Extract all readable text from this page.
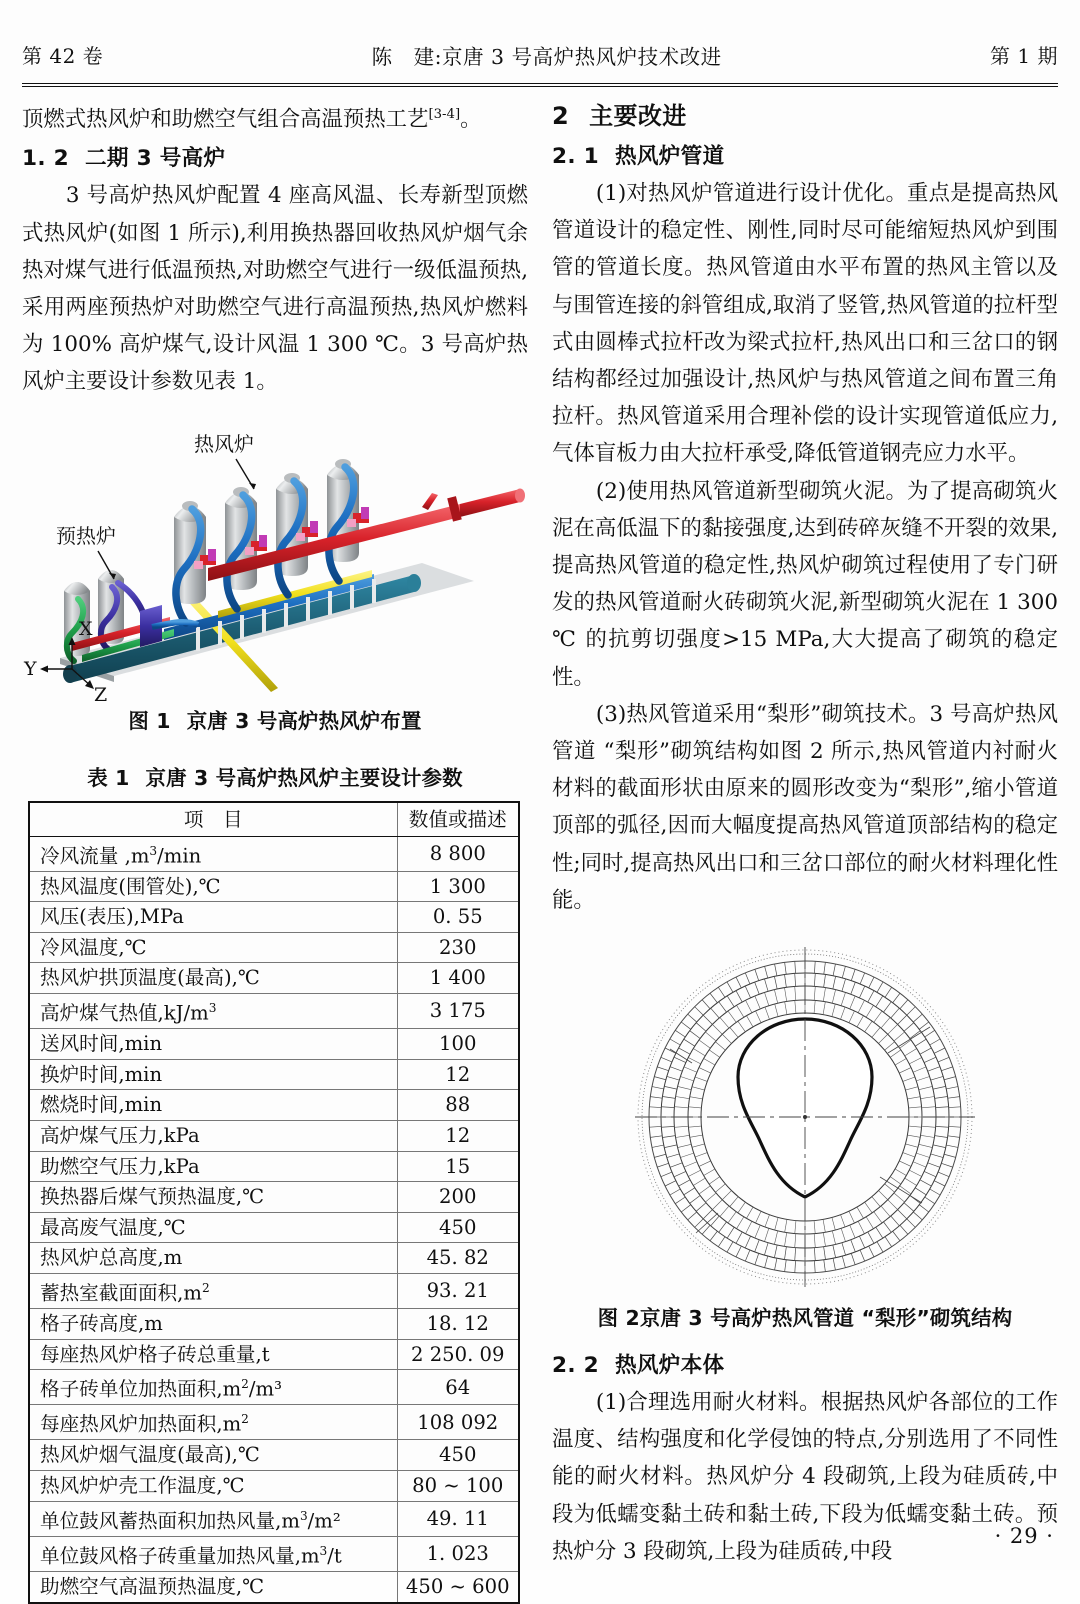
第 42 卷	陈　建:京唐 3 号高炉热风炉技术改进	第 1 期

顶燃式热风炉和助燃空气组合高温预热工艺[3-4]。

1. 2 二期 3 号高炉

3 号高炉热风炉配置 4 座高风温、长寿新型顶燃式热风炉(如图 1 所示),利用换热器回收热风炉烟气余热对煤气进行低温预热,对助燃空气进行一级低温预热,采用两座预热炉对助燃空气进行高温预热,热风炉燃料为 100% 高炉煤气,设计风温 1 300 ℃。3 号高炉热风炉主要设计参数见表 1。

热风炉
预热炉
X
Y
Z
图 1 京唐 3 号高炉热风炉布置
表 1 京唐 3 号高炉热风炉主要设计参数
项　目	数值或描述
冷风流量 $,m^3/\min$	8 800
热风温度(围管处),℃	1 300
风压(表压),MPa	0. 55
冷风温度,℃	230
热风炉拱顶温度(最高),℃	1 400
高炉煤气热值$,kJ/m^3$	3 175
送风时间,min	100
换炉时间,min	12
燃烧时间,min	88
高炉煤气压力,kPa	12
助燃空气压力,kPa	15
换热器后煤气预热温度,℃	200
最高废气温度,℃	450
热风炉总高度,m	45. 82
蓄热室截面面积$,m^2$	93. 21
格子砖高度,m	18. 12
每座热风炉格子砖总重量,t	2 250. 09
格子砖单位加热面积$,m^2/m^3$	64
每座热风炉加热面积$,m^2$	108 092
热风炉烟气温度(最高),℃	450
热风炉炉壳工作温度,℃	80 ~ 100
单位鼓风蓄热面积加热风量$,m^3/m^2$	49. 11
单位鼓风格子砖重量加热风量$,m^3/t$	1. 023
助燃空气高温预热温度,℃	450 ~ 600
2 主要改进
2. 1 热风炉管道

(1)对热风炉管道进行设计优化。重点是提高热风管道设计的稳定性、刚性,同时尽可能缩短热风炉到围管的管道长度。热风管道由水平布置的热风主管以及与围管连接的斜管组成,取消了竖管,热风管道的拉杆型式由圆棒式拉杆改为梁式拉杆,热风出口和三岔口的钢结构都经过加强设计,热风炉与热风管道之间布置三角拉杆。热风管道采用合理补偿的设计实现管道低应力,气体盲板力由大拉杆承受,降低管道钢壳应力水平。

(2)使用热风管道新型砌筑火泥。为了提高砌筑火泥在高低温下的黏接强度,达到砖碎灰缝不开裂的效果,提高热风管道的稳定性,热风炉砌筑过程使用了专门研发的热风管道耐火砖砌筑火泥,新型砌筑火泥在 1 300 ℃ 的抗剪切强度>15 MPa,大大提高了砌筑的稳定性。

(3)热风管道采用“梨形”砌筑技术。3 号高炉热风管道 “梨形”砌筑结构如图 2 所示,热风管道内衬耐火材料的截面形状由原来的圆形改变为“梨形”,缩小管道顶部的弧径,因而大幅度提高热风管道顶部结构的稳定性;同时,提高热风出口和三岔口部位的耐火材料理化性能。

图 2京唐 3 号高炉热风管道 “梨形”砌筑结构
2. 2 热风炉本体

(1)合理选用耐火材料。根据热风炉各部位的工作温度、结构强度和化学侵蚀的特点,分别选用了不同性能的耐火材料。热风炉分 4 段砌筑,上段为硅质砖,中段为低蠕变黏土砖和黏土砖,下段为低蠕变黏土砖。预热炉分 3 段砌筑,上段为硅质砖,中段

· 29 ·
